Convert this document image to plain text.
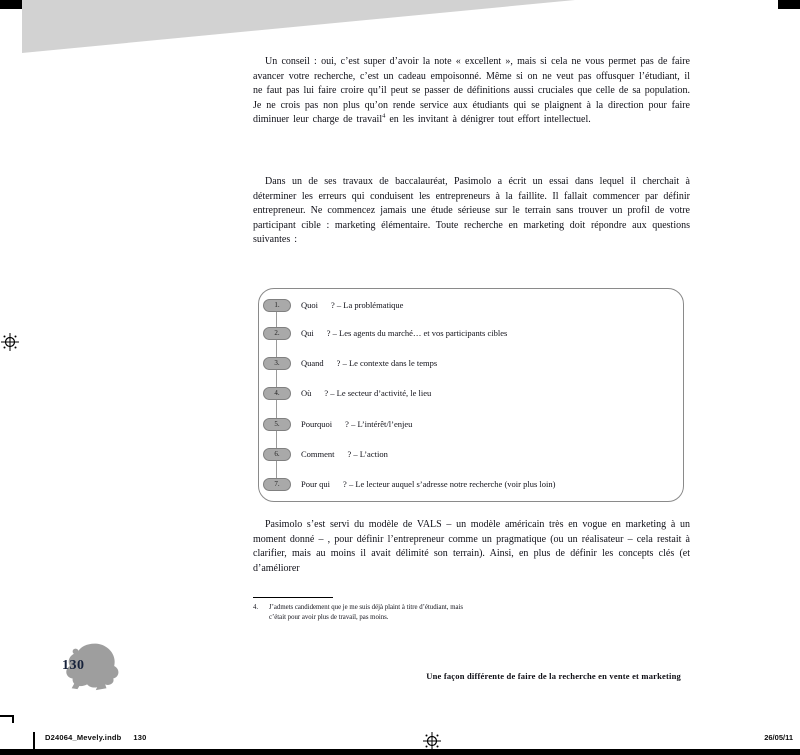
Un conseil : oui, c’est super d’avoir la note « excellent », mais si cela ne vous permet pas de faire avancer votre recherche, c’est un cadeau empoisonné. Même si on ne veut pas offusquer l’étudiant, il ne faut pas lui faire croire qu’il peut se passer de définitions aussi cruciales que celle de sa population. Je ne crois pas non plus qu’on rende service aux étudiants qui se plaignent à la direction pour faire diminuer leur charge de travail$^4$ en les invitant à dénigrer tout effort intellectuel.

Dans un de ses travaux de baccalauréat, Pasimolo a écrit un essai dans lequel il cherchait à déterminer les erreurs qui conduisent les entrepreneurs à la faillite. Il fallait commencer par définir entrepreneur. Ne commencez jamais une étude sérieuse sur le terrain sans trouver un profil de votre participant cible : marketing élémentaire. Toute recherche en marketing doit répondre aux questions suivantes :

1.	Quoi ? – La problématique
2.	Qui ? – Les agents du marché… et vos participants cibles
3.	Quand ? – Le contexte dans le temps
4.	Où ? – Le secteur d’activité, le lieu
5.	Pourquoi ? – L’intérêt/l’enjeu
6.	Comment ? – L’action
7.	Pour qui ? – Le lecteur auquel s’adresse notre recherche (voir plus loin)

Pasimolo s’est servi du modèle de VALS – un modèle américain très en vogue en marketing à un moment donné – , pour définir l’entrepreneur comme un pragmatique (ou un réalisateur – cela restait à clarifier, mais au moins il avait délimité son terrain). Ainsi, en plus de définir les concepts clés (et d’améliorer

4.	J’admets candidement que je me suis déjà plaint à titre d’étudiant, mais c’était pour avoir plus de travail, pas moins.
130
Une façon différente de faire de la recherche en vente et marketing
D24064_Mevely.indb 130	26/05/11
